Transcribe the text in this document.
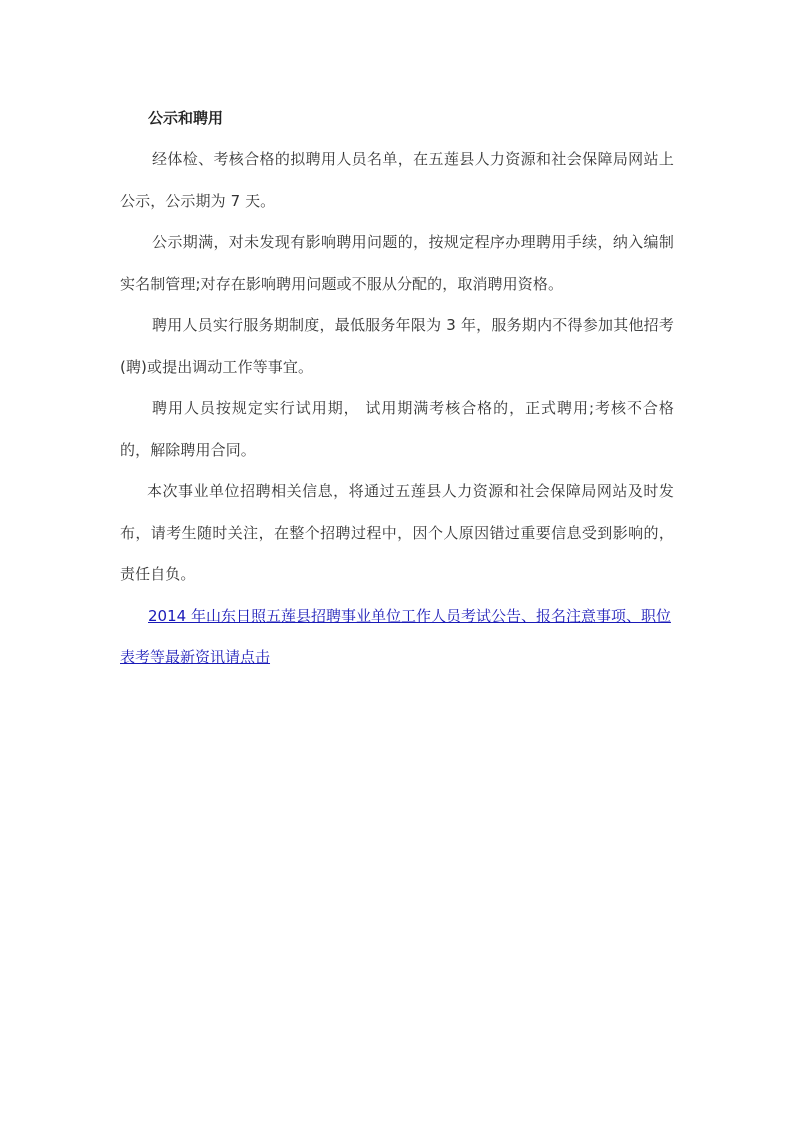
公示和聘用

经体检、考核合格的拟聘用人员名单，在五莲县人力资源和社会保障局网站上公示，公示期为 7 天。

公示期满，对未发现有影响聘用问题的，按规定程序办理聘用手续，纳入编制实名制管理;对存在影响聘用问题或不服从分配的，取消聘用资格。

聘用人员实行服务期制度，最低服务年限为 3 年，服务期内不得参加其他招考(聘)或提出调动工作等事宜。

聘用人员按规定实行试用期， 试用期满考核合格的，正式聘用;考核不合格的，解除聘用合同。

本次事业单位招聘相关信息，将通过五莲县人力资源和社会保障局网站及时发布，请考生随时关注，在整个招聘过程中，因个人原因错过重要信息受到影响的，责任自负。

2014 年山东日照五莲县招聘事业单位工作人员考试公告、报名注意事项、职位表考等最新资讯请点击
